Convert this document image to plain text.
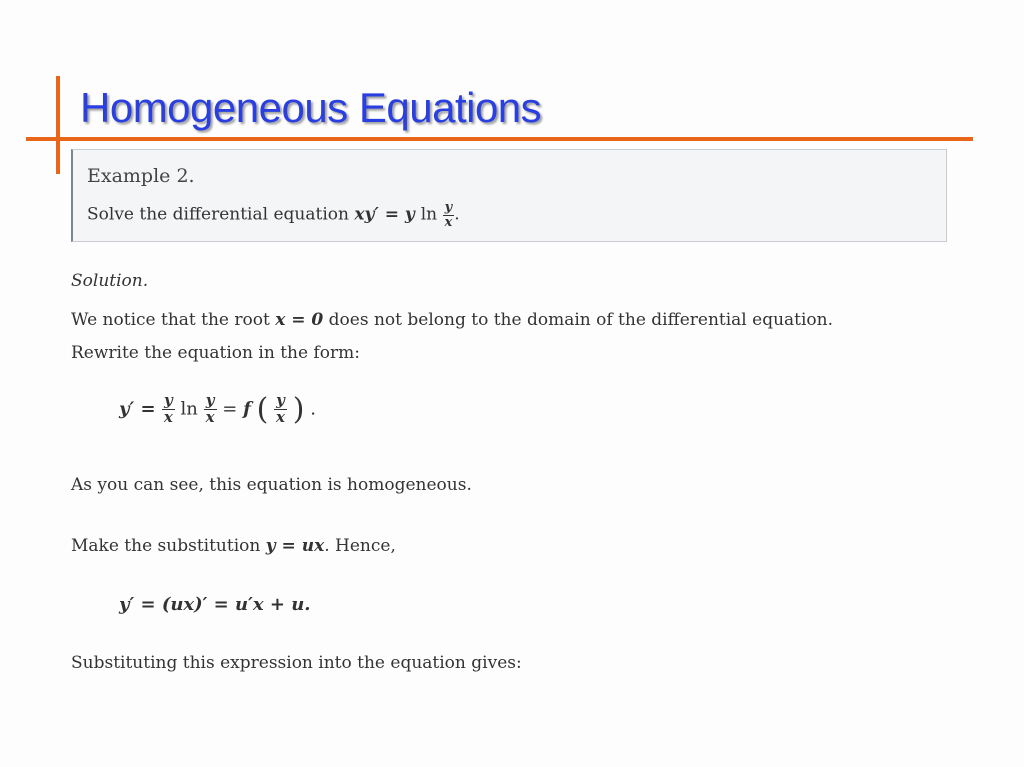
Homogeneous Equations
Example 2.
Solve the differential equation xy′ = y $\ln \frac{y}{x}$ .
Solution.
We notice that the root x = 0 does not belong to the domain of the differential equation.
Rewrite the equation in the form:
$y' = \frac{y}{x}$ $\ln \frac{y}{x} = f$ ( $\frac{y}{x}$ ) .
As you can see, this equation is homogeneous.
Make the substitution y = ux. Hence,
y′ = (ux)′ = u′x + u.
Substituting this expression into the equation gives:
